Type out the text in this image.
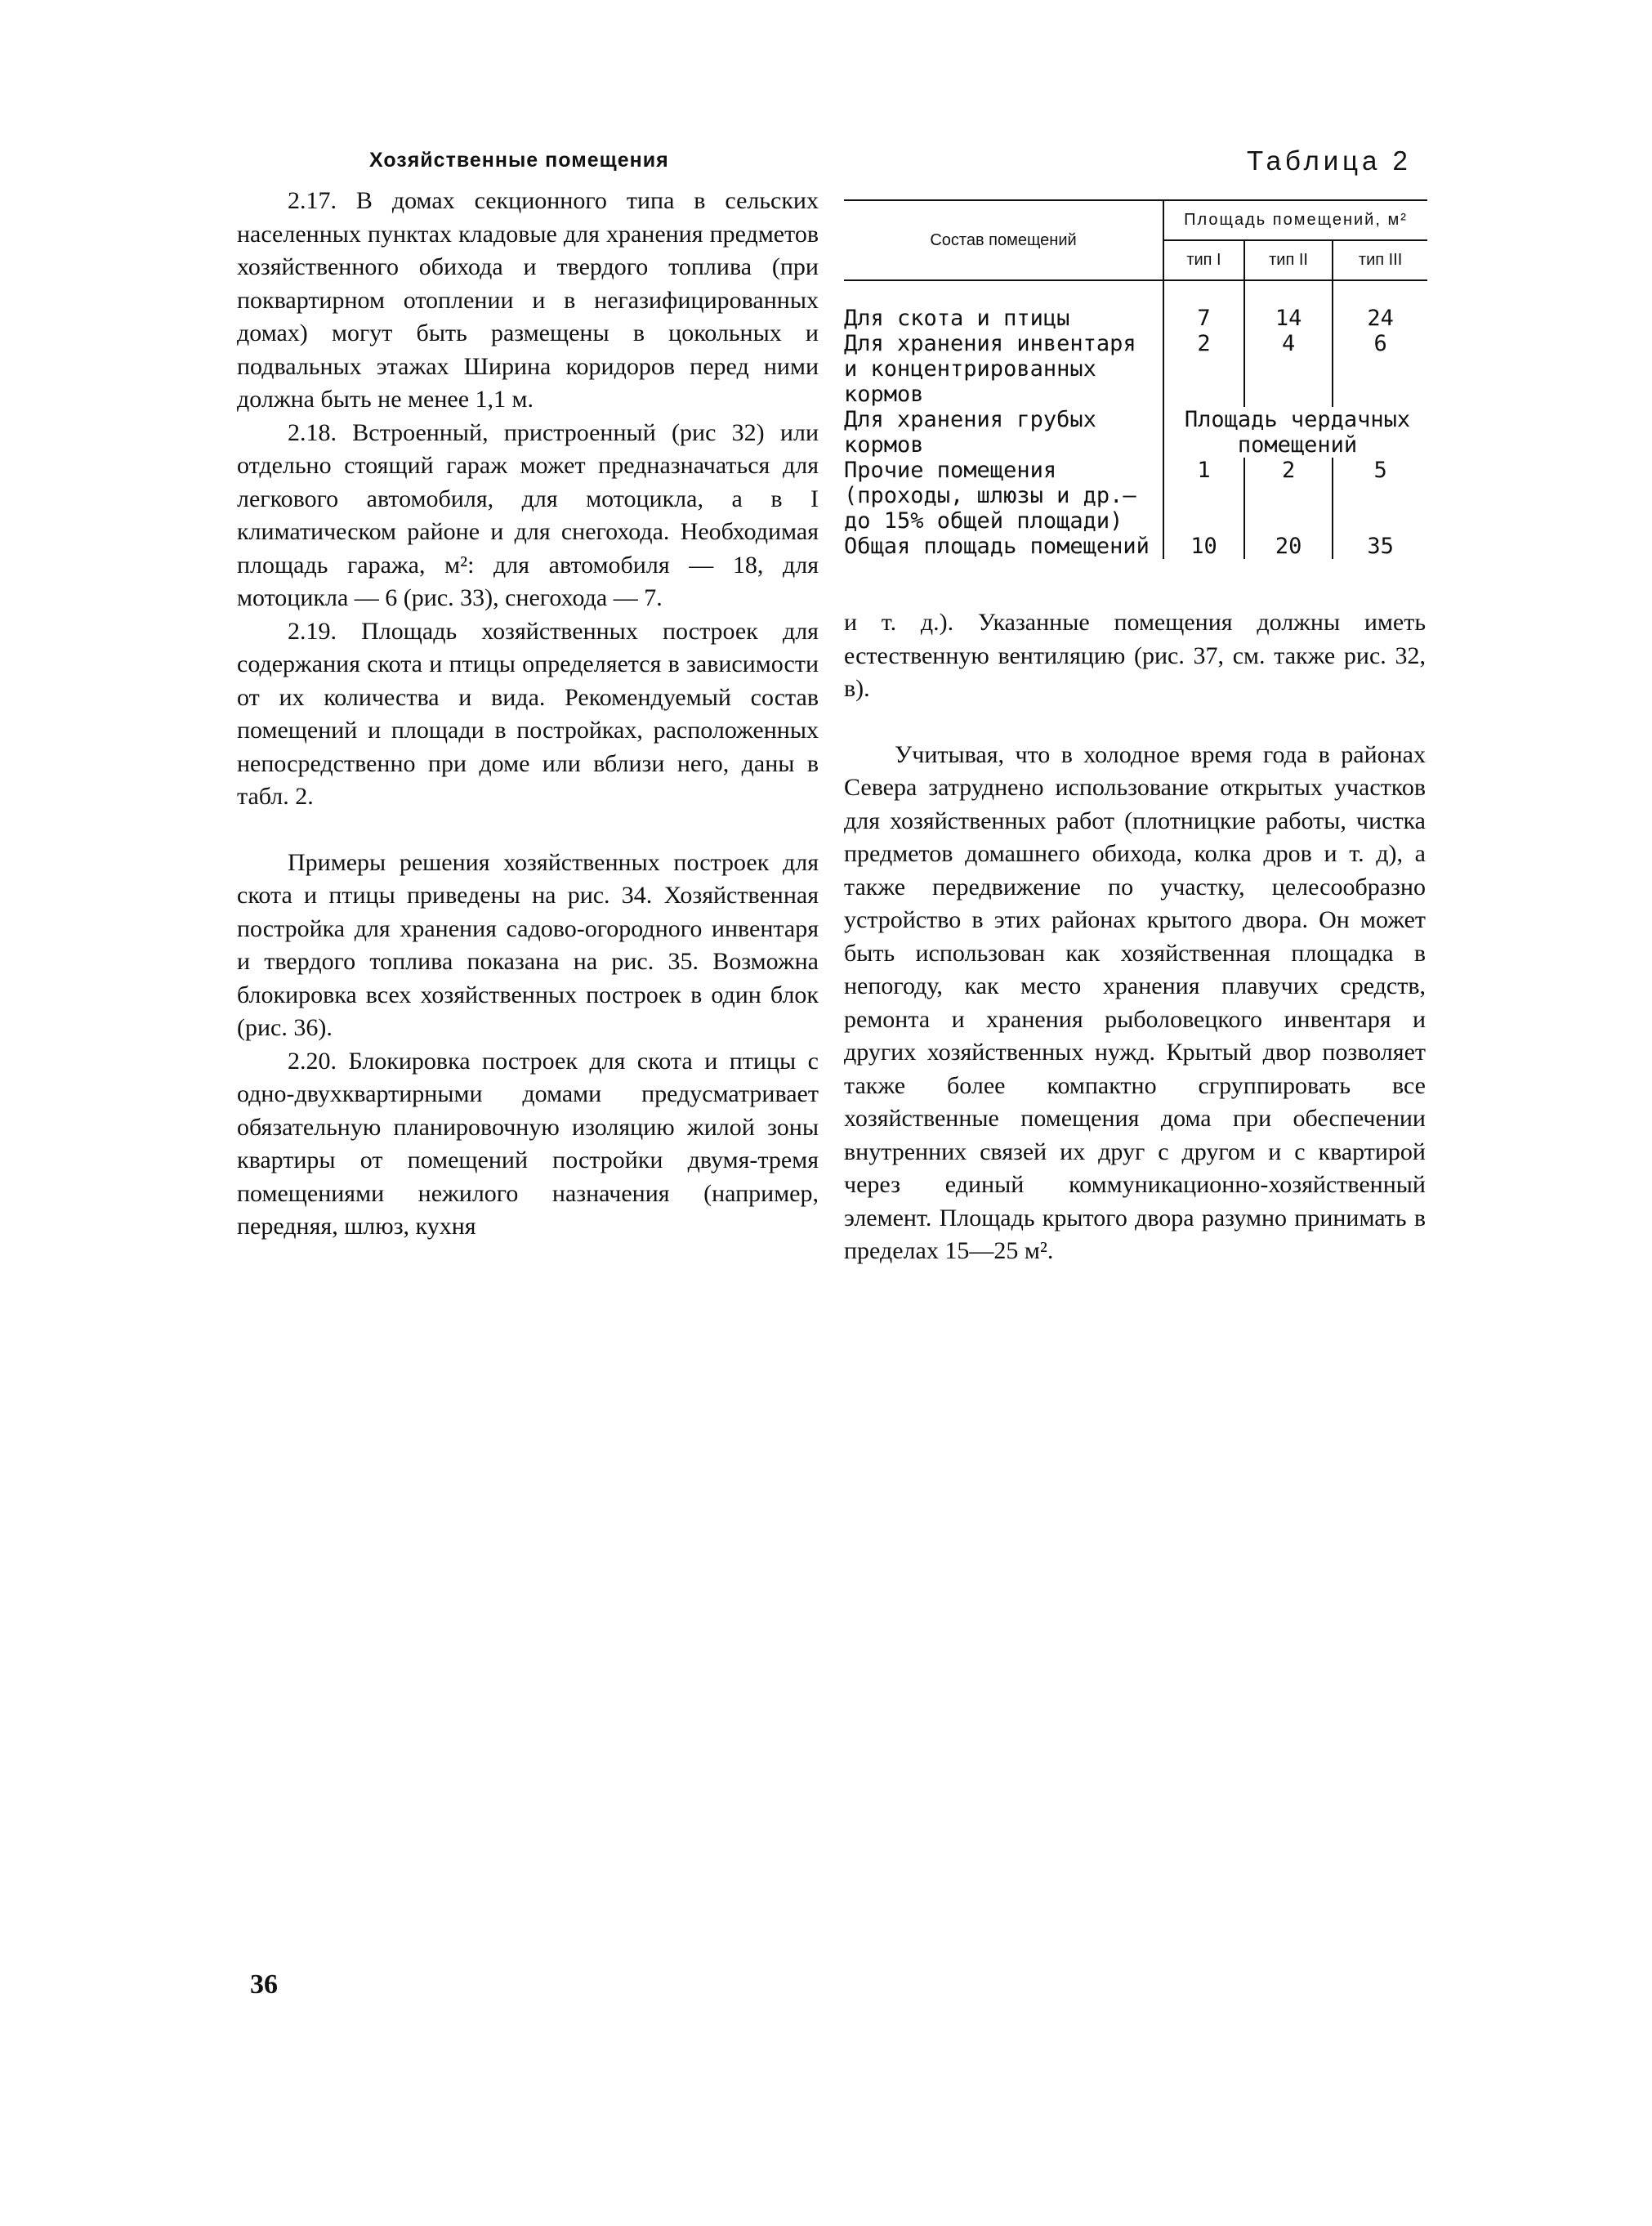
Хозяйственные помещения	Таблица 2

2.17. В домах секционного типа в сельских населенных пунктах кладовые для хранения предметов хозяйственного обихода и твердого топлива (при поквартирном отоплении и в негазифицированных домах) могут быть размещены в цокольных и подвальных этажах Ширина коридоров перед ними должна быть не менее 1,1 м.

2.18. Встроенный, пристроенный (рис 32) или отдельно стоящий гараж может предназначаться для легкового автомобиля, для мотоцикла, а в I климатическом районе и для снегохода. Необходимая площадь гаража, м²: для автомобиля — 18, для мотоцикла — 6 (рис. 33), снегохода — 7.

2.19. Площадь хозяйственных построек для содержания скота и птицы определяется в зависимости от их количества и вида. Рекомендуемый состав помещений и площади в постройках, расположенных непосредственно при доме или вблизи него, даны в табл. 2.

Примеры решения хозяйственных построек для скота и птицы приведены на рис. 34. Хозяйственная постройка для хранения садово-огородного инвентаря и твердого топлива показана на рис. 35. Возможна блокировка всех хозяйственных построек в один блок (рис. 36).

2.20. Блокировка построек для скота и птицы с одно-двухквартирными домами предусматривает обязательную планировочную изоляцию жилой зоны квартиры от помещений постройки двумя-тремя помещениями нежилого назначения (например, передняя, шлюз, кухня

Состав помещений	Площадь помещений, м²		
	тип I	тип II	тип III
Для скота и птицы	7	14	24
Для хранения инвентаря и концентрированных кормов	2	4	6
Для хранения грубых кормов	Площадь чердачных помещений		
Прочие помещения (проходы, шлюзы и др.— до 15% общей площади)	1	2	5
Общая площадь помещений	10	20	35

и т. д.). Указанные помещения должны иметь естественную вентиляцию (рис. 37, см. также рис. 32, в).

Учитывая, что в холодное время года в районах Севера затруднено использование открытых участков для хозяйственных работ (плотницкие работы, чистка предметов домашнего обихода, колка дров и т. д), а также передвижение по участку, целесообразно устройство в этих районах крытого двора. Он может быть использован как хозяйственная площадка в непогоду, как место хранения плавучих средств, ремонта и хранения рыболовецкого инвентаря и других хозяйственных нужд. Крытый двор позволяет также более компактно сгруппировать все хозяйственные помещения дома при обеспечении внутренних связей их друг с другом и с квартирой через единый коммуникационно-хозяйственный элемент. Площадь крытого двора разумно принимать в пределах 15—25 м².

36
